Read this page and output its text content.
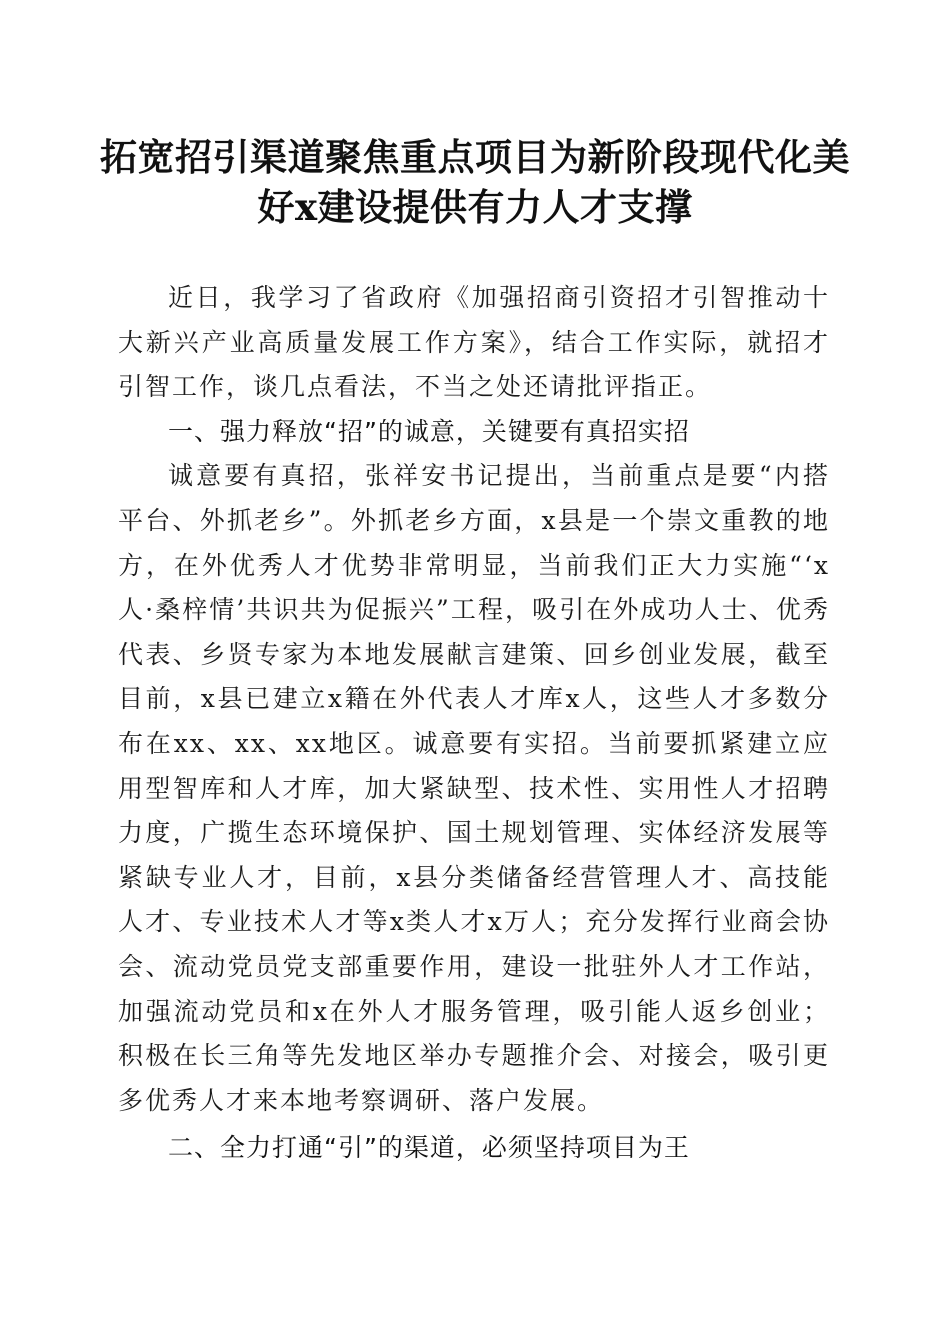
拓宽招引渠道聚焦重点项目为新阶段现代化美
好x建设提供有力人才支撑

近日，我学习了省政府《加强招商引资招才引智推动十大新兴产业高质量发展工作方案》，结合工作实际，就招才引智工作，谈几点看法，不当之处还请批评指正。

一、强力释放“招”的诚意，关键要有真招实招

诚意要有真招，张祥安书记提出，当前重点是要“内搭平台、外抓老乡”。外抓老乡方面，x县是一个崇文重教的地方，在外优秀人才优势非常明显，当前我们正大力实施“‘x人·桑梓情’共识共为促振兴”工程，吸引在外成功人士、优秀代表、乡贤专家为本地发展献言建策、回乡创业发展，截至目前，x县已建立x籍在外代表人才库x人，这些人才多数分布在xx、xx、xx地区。诚意要有实招。当前要抓紧建立应用型智库和人才库，加大紧缺型、技术性、实用性人才招聘力度，广揽生态环境保护、国土规划管理、实体经济发展等紧缺专业人才，目前，x县分类储备经营管理人才、高技能人才、专业技术人才等x类人才x万人；充分发挥行业商会协会、流动党员党支部重要作用，建设一批驻外人才工作站，加强流动党员和x在外人才服务管理，吸引能人返乡创业；积极在长三角等先发地区举办专题推介会、对接会，吸引更多优秀人才来本地考察调研、落户发展。

二、全力打通“引”的渠道，必须坚持项目为王
